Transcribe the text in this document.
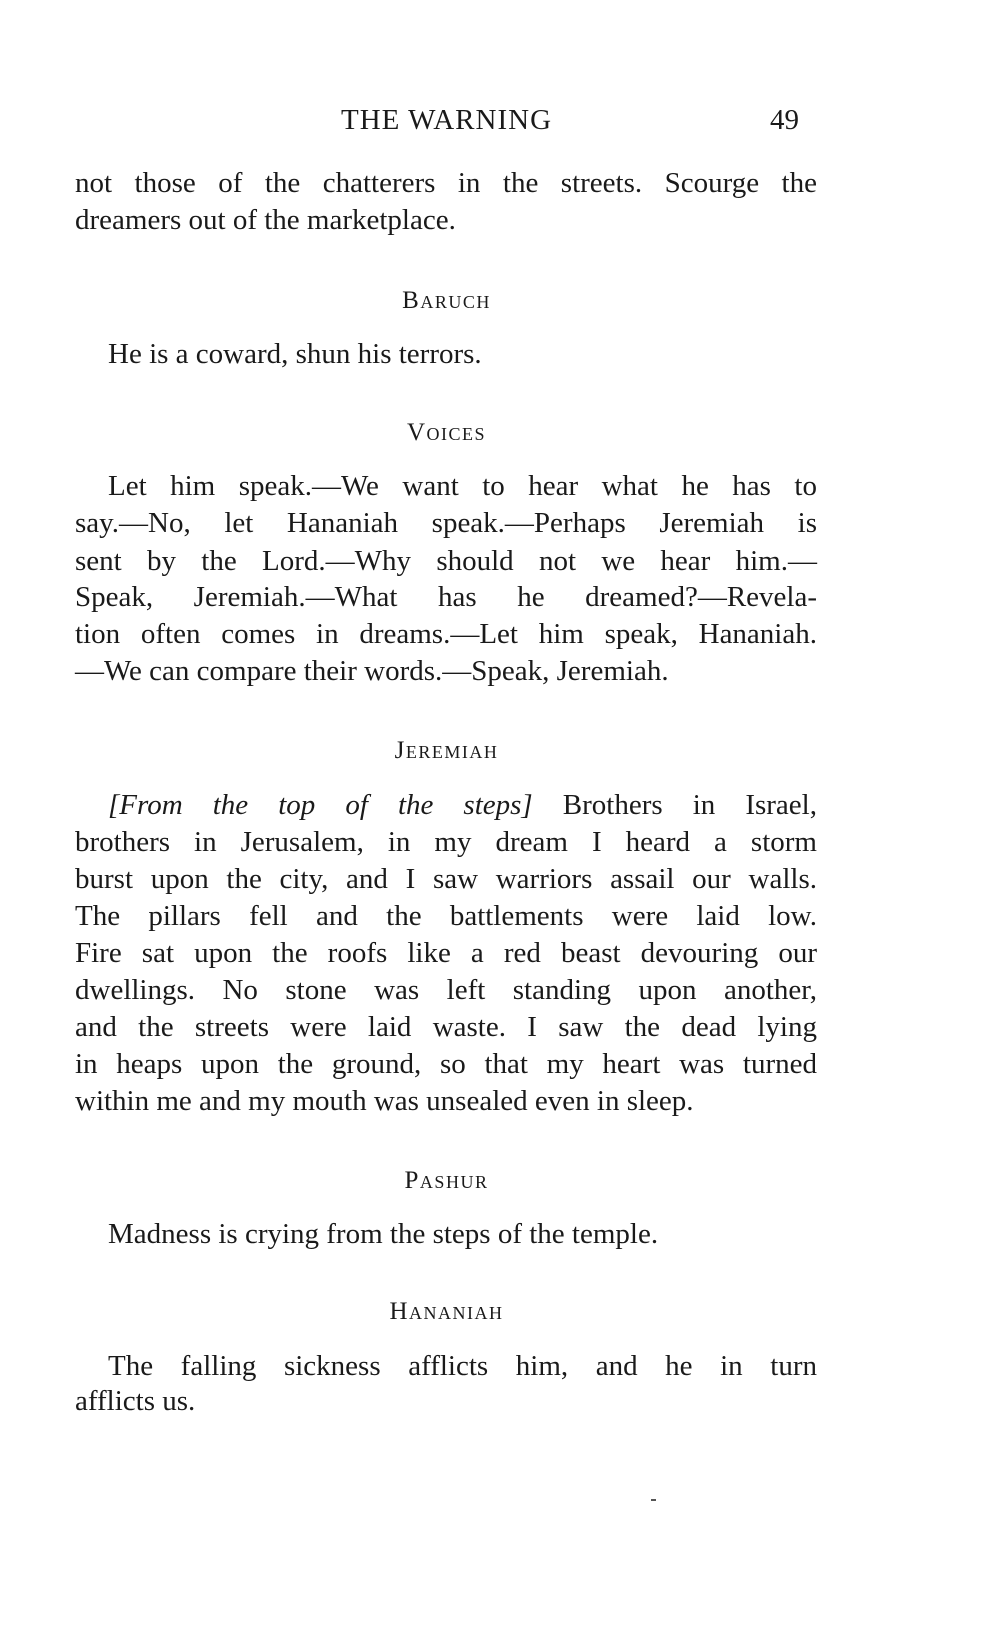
THE WARNING	49
not those of the chatterers in the streets. Scourge the
dreamers out of the marketplace.
Baruch
He is a coward, shun his terrors.
Voices
Let him speak.—We want to hear what he has to
say.—No, let Hananiah speak.—Perhaps Jeremiah is
sent by the Lord.—Why should not we hear him.—
Speak, Jeremiah.—What has he dreamed?—Revela-
tion often comes in dreams.—Let him speak, Hananiah.
—We can compare their words.—Speak, Jeremiah.
Jeremiah
[From the top of the steps] Brothers in Israel,
brothers in Jerusalem, in my dream I heard a storm
burst upon the city, and I saw warriors assail our walls.
The pillars fell and the battlements were laid low.
Fire sat upon the roofs like a red beast devouring our
dwellings. No stone was left standing upon another,
and the streets were laid waste. I saw the dead lying
in heaps upon the ground, so that my heart was turned
within me and my mouth was unsealed even in sleep.
Pashur
Madness is crying from the steps of the temple.
Hananiah
The falling sickness afflicts him, and he in turn
afflicts us.
